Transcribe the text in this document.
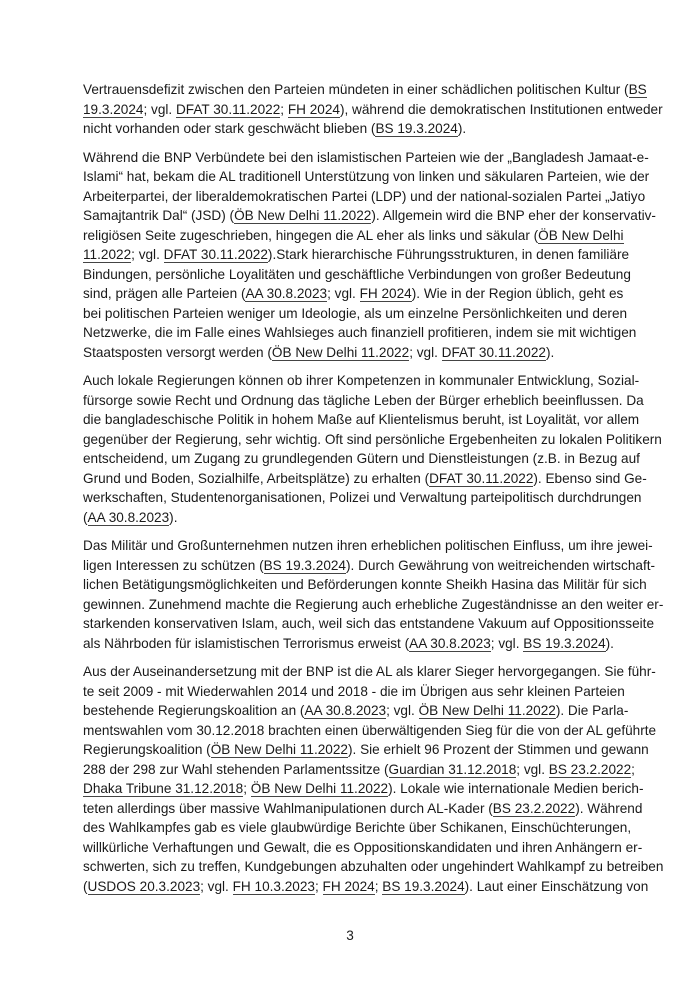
Vertrauensdefizit zwischen den Parteien mündeten in einer schädlichen politischen Kultur (BS
19.3.2024; vgl. DFAT 30.11.2022; FH 2024), während die demokratischen Institutionen entweder
nicht vorhanden oder stark geschwächt blieben (BS 19.3.2024).
Während die BNP Verbündete bei den islamistischen Parteien wie der „Bangladesh Jamaat-e-
Islami“ hat, bekam die AL traditionell Unterstützung von linken und säkularen Parteien, wie der
Arbeiterpartei, der liberaldemokratischen Partei (LDP) und der national-sozialen Partei „Jatiyo
Samajtantrik Dal“ (JSD) (ÖB New Delhi 11.2022). Allgemein wird die BNP eher der konservativ-
religiösen Seite zugeschrieben, hingegen die AL eher als links und säkular (ÖB New Delhi
11.2022; vgl. DFAT 30.11.2022).Stark hierarchische Führungsstrukturen, in denen familiäre
Bindungen, persönliche Loyalitäten und geschäftliche Verbindungen von großer Bedeutung
sind, prägen alle Parteien (AA 30.8.2023; vgl. FH 2024). Wie in der Region üblich, geht es
bei politischen Parteien weniger um Ideologie, als um einzelne Persönlichkeiten und deren
Netzwerke, die im Falle eines Wahlsieges auch finanziell profitieren, indem sie mit wichtigen
Staatsposten versorgt werden (ÖB New Delhi 11.2022; vgl. DFAT 30.11.2022).
Auch lokale Regierungen können ob ihrer Kompetenzen in kommunaler Entwicklung, Sozial-
fürsorge sowie Recht und Ordnung das tägliche Leben der Bürger erheblich beeinflussen. Da
die bangladeschische Politik in hohem Maße auf Klientelismus beruht, ist Loyalität, vor allem
gegenüber der Regierung, sehr wichtig. Oft sind persönliche Ergebenheiten zu lokalen Politikern
entscheidend, um Zugang zu grundlegenden Gütern und Dienstleistungen (z.B. in Bezug auf
Grund und Boden, Sozialhilfe, Arbeitsplätze) zu erhalten (DFAT 30.11.2022). Ebenso sind Ge-
werkschaften, Studentenorganisationen, Polizei und Verwaltung parteipolitisch durchdrungen
(AA 30.8.2023).
Das Militär und Großunternehmen nutzen ihren erheblichen politischen Einfluss, um ihre jewei-
ligen Interessen zu schützen (BS 19.3.2024). Durch Gewährung von weitreichenden wirtschaft-
lichen Betätigungsmöglichkeiten und Beförderungen konnte Sheikh Hasina das Militär für sich
gewinnen. Zunehmend machte die Regierung auch erhebliche Zugeständnisse an den weiter er-
starkenden konservativen Islam, auch, weil sich das entstandene Vakuum auf Oppositionsseite
als Nährboden für islamistischen Terrorismus erweist (AA 30.8.2023; vgl. BS 19.3.2024).
Aus der Auseinandersetzung mit der BNP ist die AL als klarer Sieger hervorgegangen. Sie führ-
te seit 2009 - mit Wiederwahlen 2014 und 2018 - die im Übrigen aus sehr kleinen Parteien
bestehende Regierungskoalition an (AA 30.8.2023; vgl. ÖB New Delhi 11.2022). Die Parla-
mentswahlen vom 30.12.2018 brachten einen überwältigenden Sieg für die von der AL geführte
Regierungskoalition (ÖB New Delhi 11.2022). Sie erhielt 96 Prozent der Stimmen und gewann
288 der 298 zur Wahl stehenden Parlamentssitze (Guardian 31.12.2018; vgl. BS 23.2.2022;
Dhaka Tribune 31.12.2018; ÖB New Delhi 11.2022). Lokale wie internationale Medien berich-
teten allerdings über massive Wahlmanipulationen durch AL-Kader (BS 23.2.2022). Während
des Wahlkampfes gab es viele glaubwürdige Berichte über Schikanen, Einschüchterungen,
willkürliche Verhaftungen und Gewalt, die es Oppositionskandidaten und ihren Anhängern er-
schwerten, sich zu treffen, Kundgebungen abzuhalten oder ungehindert Wahlkampf zu betreiben
(USDOS 20.3.2023; vgl. FH 10.3.2023; FH 2024; BS 19.3.2024). Laut einer Einschätzung von
3
